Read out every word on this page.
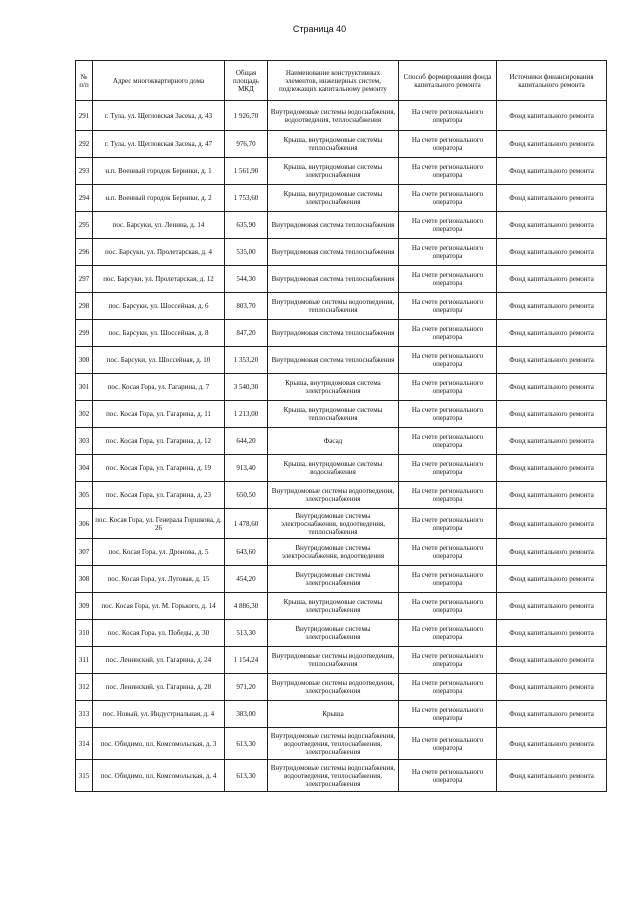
Страница 40
№ п/п	Адрес многоквартирного дома	Общая площадь МКД	Наименование конструктивных элементов, инженерных систем, подлежащих капитальному ремонту	Способ формирования фонда капитального ремонта	Источники финансирования капитального ремонта
291	г. Тула, ул. Щегловская Засека, д. 43	1 926,70	Внутридомовые системы водоснабжения, водоотведения, теплоснабжения	На счете регионального оператора	Фонд капитального ремонта
292	г. Тула, ул. Щегловская Засека, д. 47	976,70	Крыша, внутридомовые системы теплоснабжения	На счете регионального оператора	Фонд капитального ремонта
293	н.п. Военный городок Берники, д. 1	1 561,90	Крыша, внутридомовые системы электроснабжения	На счете регионального оператора	Фонд капитального ремонта
294	н.п. Военный городок Берники, д. 2	1 753,60	Крыша, внутридомовые системы электроснабжения	На счете регионального оператора	Фонд капитального ремонта
295	пос. Барсуки, ул. Ленина, д. 14	635,90	Внутридомовая система теплоснабжения	На счете регионального оператора	Фонд капитального ремонта
296	пос. Барсуки, ул. Пролетарская, д. 4	535,00	Внутридомовая система теплоснабжения	На счете регионального оператора	Фонд капитального ремонта
297	пос. Барсуки, ул. Пролетарская, д. 12	544,30	Внутридомовая система теплоснабжения	На счете регионального оператора	Фонд капитального ремонта
298	пос. Барсуки, ул. Шоссейная, д. 6	803,70	Внутридомовые системы водоотведения, теплоснабжения	На счете регионального оператора	Фонд капитального ремонта
299	пос. Барсуки, ул. Шоссейная, д. 8	847,20	Внутридомовая система теплоснабжения	На счете регионального оператора	Фонд капитального ремонта
300	пос. Барсуки, ул. Шоссейная, д. 10	1 353,20	Внутридомовая система теплоснабжения	На счете регионального оператора	Фонд капитального ремонта
301	пос. Косая Гора, ул. Гагарина, д. 7	3 540,30	Крыша, внутридомовая система электроснабжения	На счете регионального оператора	Фонд капитального ремонта
302	пос. Косая Гора, ул. Гагарина, д. 11	1 213,00	Крыша, внутридомовые системы теплоснабжения	На счете регионального оператора	Фонд капитального ремонта
303	пос. Косая Гора, ул. Гагарина, д. 12	644,20	Фасад	На счете регионального оператора	Фонд капитального ремонта
304	пос. Косая Гора, ул. Гагарина, д. 19	913,40	Крыша, внутридомовые системы водоснабжения	На счете регионального оператора	Фонд капитального ремонта
305	пос. Косая Гора, ул. Гагарина, д. 23	650,50	Внутридомовые системы водоотведения, электроснабжения	На счете регионального оператора	Фонд капитального ремонта
306	пос. Косая Гора, ул. Генерала Горшкова, д. 26	1 478,60	Внутридомовые системы электроснабжения, водоотведения, теплоснабжения	На счете регионального оператора	Фонд капитального ремонта
307	пос. Косая Гора, ул. Дронова, д. 5	643,60	Внутридомовые системы электроснабжения, водоотведения	На счете регионального оператора	Фонд капитального ремонта
308	пос. Косая Гора, ул. Луговая, д. 15	454,20	Внутридомовые системы электроснабжения	На счете регионального оператора	Фонд капитального ремонта
309	пос. Косая Гора, ул. М. Горького, д. 14	4 886,30	Крыша, внутридомовые системы электроснабжения	На счете регионального оператора	Фонд капитального ремонта
310	пос. Косая Гора, ул. Победы, д. 30	513,30	Внутридомовые системы электроснабжения	На счете регионального оператора	Фонд капитального ремонта
311	пос. Ленинский, ул. Гагарина, д. 24	1 154,24	Внутридомовые системы водоотведения, теплоснабжения	На счете регионального оператора	Фонд капитального ремонта
312	пос. Ленинский, ул. Гагарина, д. 28	971,20	Внутридомовые системы водоотведения, электроснабжения	На счете регионального оператора	Фонд капитального ремонта
313	пос. Новый, ул. Индустриальная, д. 4	383,00	Крыша	На счете регионального оператора	Фонд капитального ремонта
314	пос. Обидимо, пл. Комсомольская, д. 3	613,30	Внутридомовые системы водоснабжения, водоотведения, теплоснабжения, электроснабжения	На счете регионального оператора	Фонд капитального ремонта
315	пос. Обидимо, пл. Комсомольская, д. 4	613,30	Внутридомовые системы водоснабжения, водоотведения, теплоснабжения, электроснабжения	На счете регионального оператора	Фонд капитального ремонта
